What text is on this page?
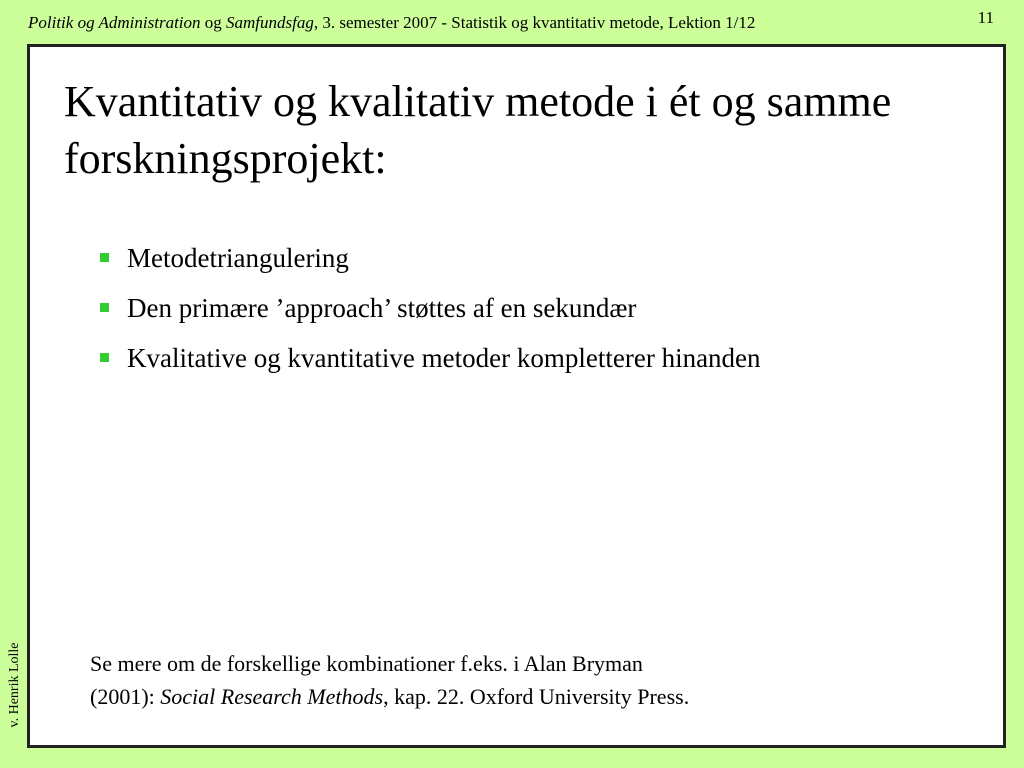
Politik og Administration og Samfundsfag, 3. semester 2007 - Statistik og kvantitativ metode, Lektion 1/12	11
v. Henrik Lolle
Kvantitativ og kvalitativ metode i ét og samme forskningsprojekt:
Metodetriangulering
Den primære ’approach’ støttes af en sekundær
Kvalitative og kvantitative metoder kompletterer hinanden
Se mere om de forskellige kombinationer f.eks. i Alan Bryman
(2001): Social Research Methods, kap. 22. Oxford University Press.
